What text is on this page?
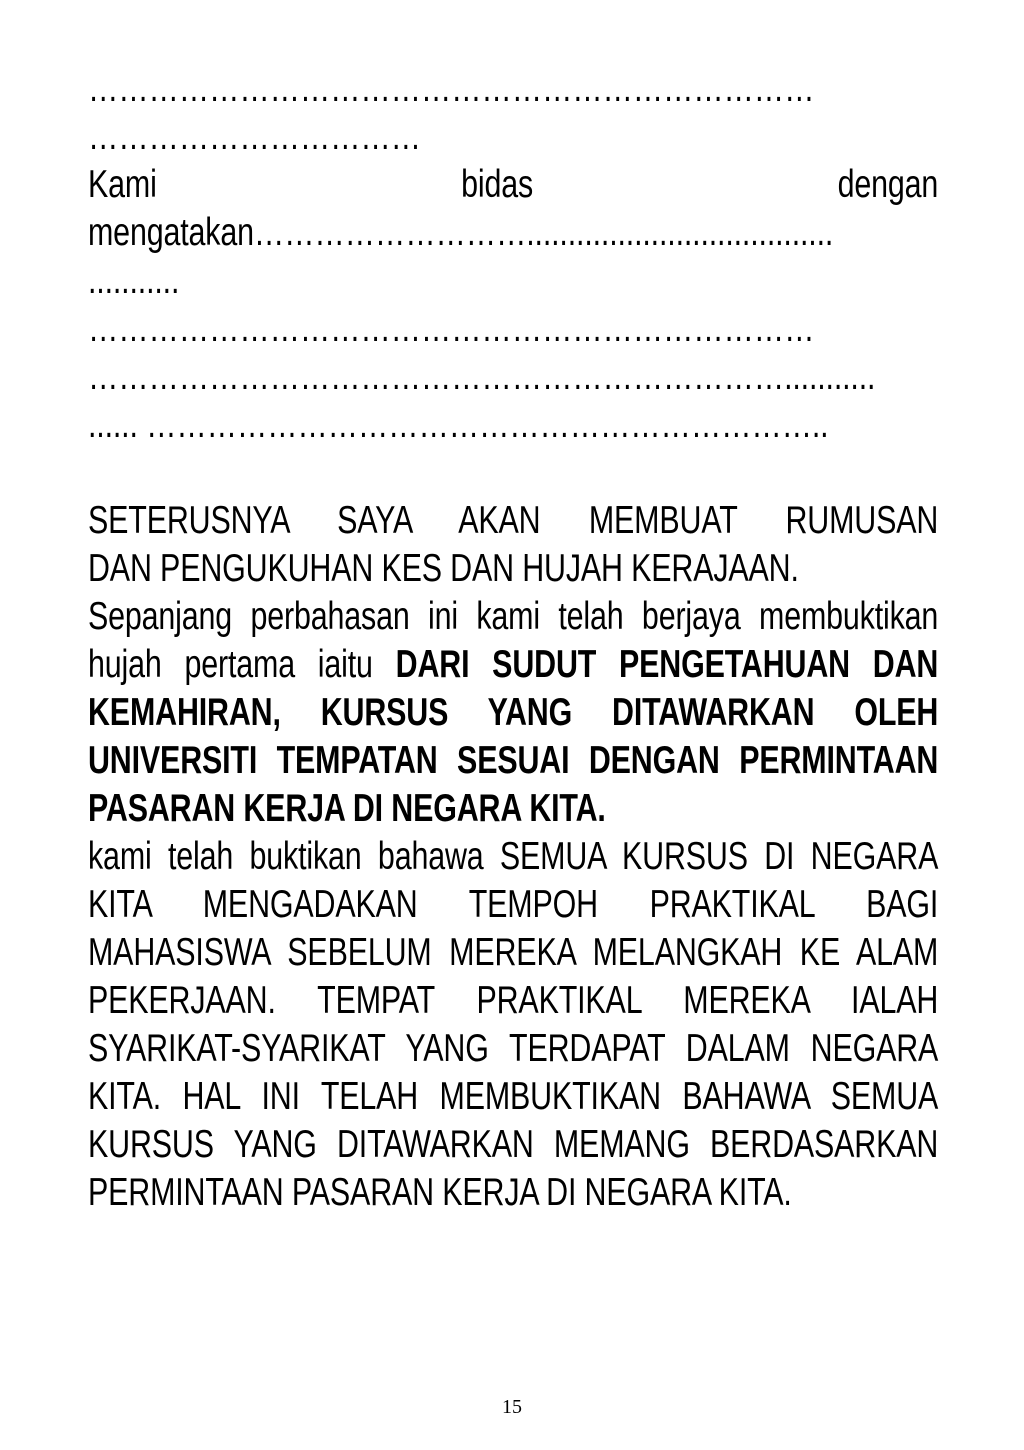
………………………………………………………………
……………………………
Kami	bidas	dengan
mengatakan……………………….....................................
...........
………………………………………………………………
……………………………………………………………...........
...... …………………………………………………………..
SETERUSNYA SAYA AKAN MEMBUAT RUMUSAN
DAN PENGUKUHAN KES DAN HUJAH KERAJAAN.
Sepanjang perbahasan ini kami telah berjaya membuktikan hujah pertama iaitu DARI SUDUT PENGETAHUAN DAN KEMAHIRAN, KURSUS YANG DITAWARKAN OLEH UNIVERSITI TEMPATAN SESUAI DENGAN PERMINTAAN PASARAN KERJA DI NEGARA KITA.
kami telah buktikan bahawa SEMUA KURSUS DI NEGARA KITA MENGADAKAN TEMPOH PRAKTIKAL BAGI MAHASISWA SEBELUM MEREKA MELANGKAH KE ALAM PEKERJAAN. TEMPAT PRAKTIKAL MEREKA IALAH SYARIKAT-SYARIKAT YANG TERDAPAT DALAM NEGARA KITA. HAL INI TELAH MEMBUKTIKAN BAHAWA SEMUA KURSUS YANG DITAWARKAN MEMANG BERDASARKAN PERMINTAAN PASARAN KERJA DI NEGARA KITA.
15
